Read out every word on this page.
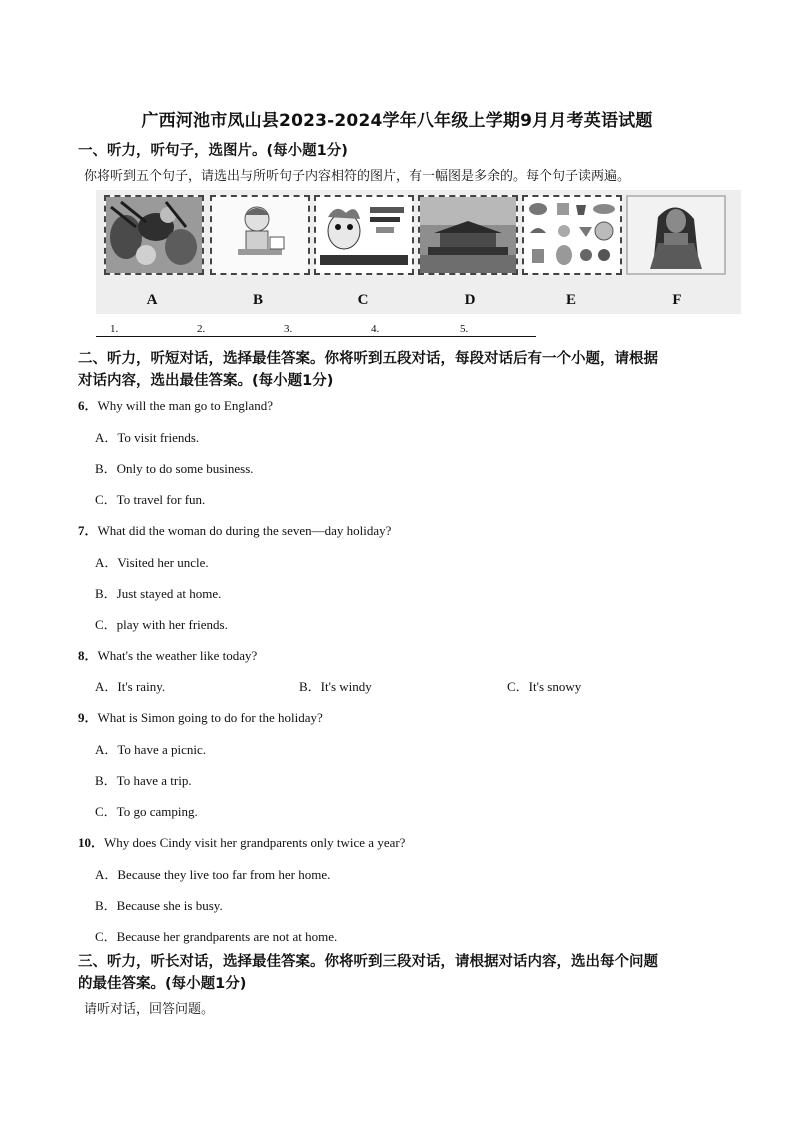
广西河池市凤山县2023-2024学年八年级上学期9月月考英语试题
一、听力，听句子，选图片。(每小题1分)
你将听到五个句子，请选出与所听句子内容相符的图片，有一幅图是多余的。每个句子读两遍。
A	B	C	D	E	F
1.	2.	3.	4.	5.
二、听力，听短对话，选择最佳答案。你将听到五段对话，每段对话后有一个小题，请根据
对话内容，选出最佳答案。(每小题1分)
6．Why will the man go to England?
A．To visit friends.
B．Only to do some business.
C．To travel for fun.
7．What did the woman do during the seven—day holiday?
A．Visited her uncle.
B．Just stayed at home.
C．play with her friends.
8．What's the weather like today?
A．It's rainy.	B．It's windy	C．It's snowy
9．What is Simon going to do for the holiday?
A．To have a picnic.
B．To have a trip.
C．To go camping.
10．Why does Cindy visit her grandparents only twice a year?
A．Because they live too far from her home.
B．Because she is busy.
C．Because her grandparents are not at home.
三、听力，听长对话，选择最佳答案。你将听到三段对话，请根据对话内容，选出每个问题
的最佳答案。(每小题1分)
请听对话，回答问题。
